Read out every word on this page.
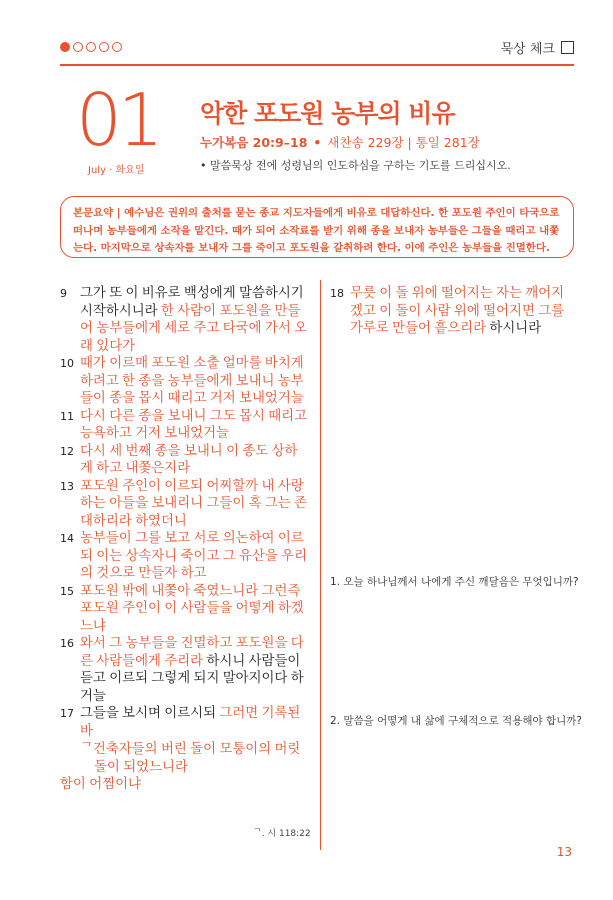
묵상 체크
01
July · 화요일
악한 포도원 농부의 비유
누가복음 20:9–18 • 새찬송 229장 | 통일 281장
• 말씀묵상 전에 성령님의 인도하심을 구하는 기도를 드리십시오.
본문요약 | 예수님은 권위의 출처를 묻는 종교 지도자들에게 비유로 대답하신다. 한 포도원 주인이 타국으로 떠나며 농부들에게 소작을 맡긴다. 때가 되어 소작료를 받기 위해 종을 보내자 농부들은 그들을 때리고 내쫓는다. 마지막으로 상속자를 보내자 그를 죽이고 포도원을 갈취하려 한다. 이에 주인은 농부들을 진멸한다.
9 그가 또 이 비유로 백성에게 말씀하시기 시작하시니라 한 사람이 포도원을 만들어 농부들에게 세로 주고 타국에 가서 오래 있다가
10 때가 이르매 포도원 소출 얼마를 바치게 하려고 한 종을 농부들에게 보내니 농부들이 종을 몹시 때리고 거저 보내었거늘
11 다시 다른 종을 보내니 그도 몹시 때리고 능욕하고 거저 보내었거늘
12 다시 세 번째 종을 보내니 이 종도 상하게 하고 내쫓은지라
13 포도원 주인이 이르되 어찌할까 내 사랑하는 아들을 보내리니 그들이 혹 그는 존대하리라 하였더니
14 농부들이 그를 보고 서로 의논하여 이르되 이는 상속자니 죽이고 그 유산을 우리의 것으로 만들자 하고
15 포도원 밖에 내쫓아 죽였느니라 그런즉 포도원 주인이 이 사람들을 어떻게 하겠느냐
16 와서 그 농부들을 진멸하고 포도원을 다른 사람들에게 주리라 하시니 사람들이 듣고 이르되 그렇게 되지 말아지이다 하거늘
17 그들을 보시며 이르시되 그러면 기록된 바
ᄀ건축자들의 버린 돌이 모퉁이의 머릿
돌이 되었느니라
함이 어찜이냐
ᄀ. 시 118:22
18 무릇 이 돌 위에 떨어지는 자는 깨어지겠고 이 돌이 사람 위에 떨어지면 그를 가루로 만들어 흩으리라 하시니라
1. 오늘 하나님께서 나에게 주신 깨달음은 무엇입니까?
2. 말씀을 어떻게 내 삶에 구체적으로 적용해야 합니까?
13
